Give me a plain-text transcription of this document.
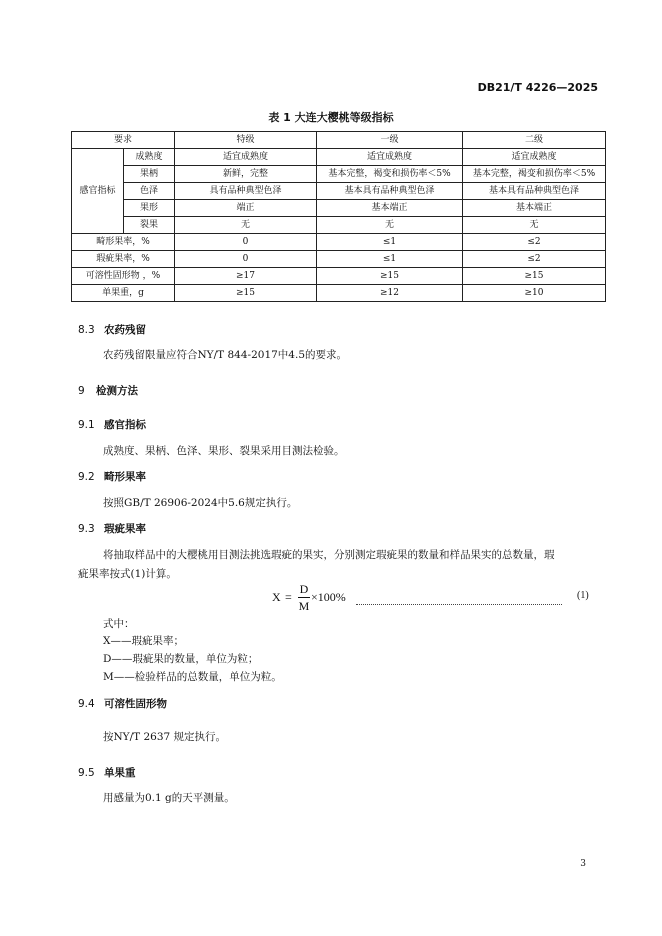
DB21/T 4226—2025
表 1 大连大樱桃等级指标
要求		特级	一级	二级
感官指标	成熟度	适宜成熟度	适宜成熟度	适宜成熟度
	果柄	新鲜，完整	基本完整，褐变和损伤率＜5%	基本完整，褐变和损伤率＜5%
	色泽	具有品种典型色泽	基本具有品种典型色泽	基本具有品种典型色泽
	果形	端正	基本端正	基本端正
	裂果	无	无	无
畸形果率，%		0	≤1	≤2
瑕疵果率，%		0	≤1	≤2
可溶性固形物 ，%		≥17	≥15	≥15
单果重，g		≥15	≥12	≥10
8.3 农药残留
农药残留限量应符合NY/T 844-2017中4.5的要求。
9 检测方法
9.1 感官指标
成熟度、果柄、色泽、果形、裂果采用目测法检验。
9.2 畸形果率
按照GB/T 26906-2024中5.6规定执行。
9.3 瑕疵果率
将抽取样品中的大樱桃用目测法挑选瑕疵的果实，分别测定瑕疵果的数量和样品果实的总数量，瑕
疵果率按式(1)计算。
X =
D
M
×100%	(1)
式中：
X——瑕疵果率；
D——瑕疵果的数量，单位为粒；
M——检验样品的总数量，单位为粒。
9.4 可溶性固形物
按NY/T 2637 规定执行。
9.5 单果重
用感量为0.1 g的天平测量。
3
